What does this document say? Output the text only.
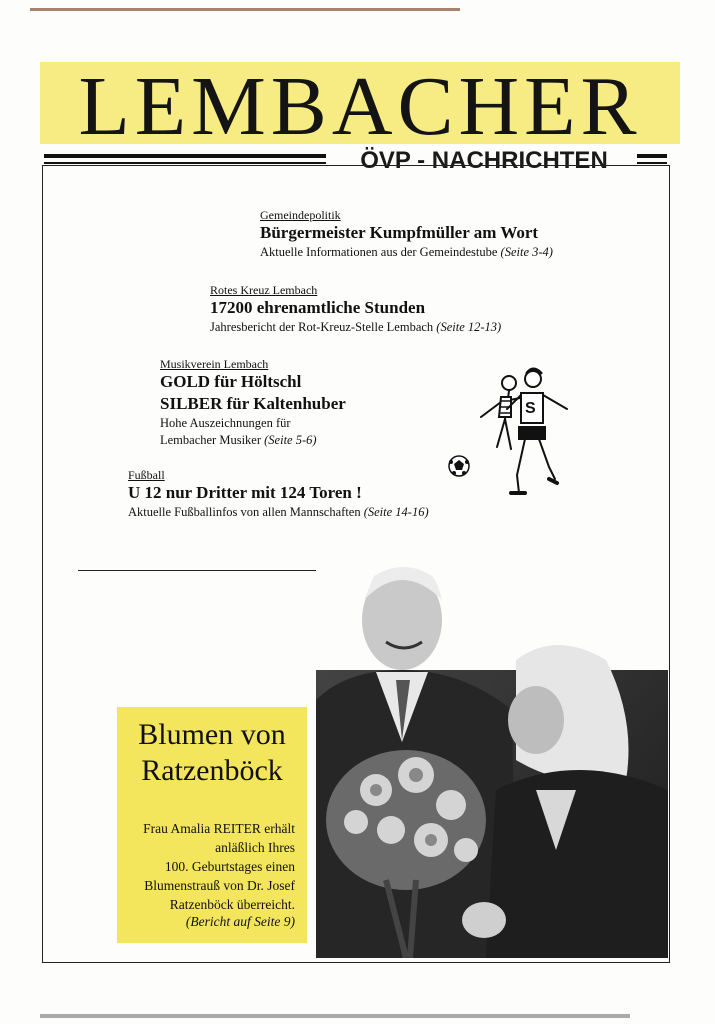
LEMBACHER
ÖVP - NACHRICHTEN
Gemeindepolitik
Bürgermeister Kumpfmüller am Wort
Aktuelle Informationen aus der Gemeindestube (Seite 3-4)
Rotes Kreuz Lembach
17200 ehrenamtliche Stunden
Jahresbericht der Rot-Kreuz-Stelle Lembach (Seite 12-13)
Musikverein Lembach
GOLD für Höltschl
SILBER für Kaltenhuber
Hohe Auszeichnungen für
Lembacher Musiker (Seite 5-6)
S
Fußball
U 12 nur Dritter mit 124 Toren !
Aktuelle Fußballinfos von allen Mannschaften (Seite 14-16)
Blumen von
Ratzenböck
Frau Amalia REITER erhält
anläßlich Ihres
100. Geburtstages einen
Blumenstrauß von Dr. Josef
Ratzenböck überreicht.
(Bericht auf Seite 9)
